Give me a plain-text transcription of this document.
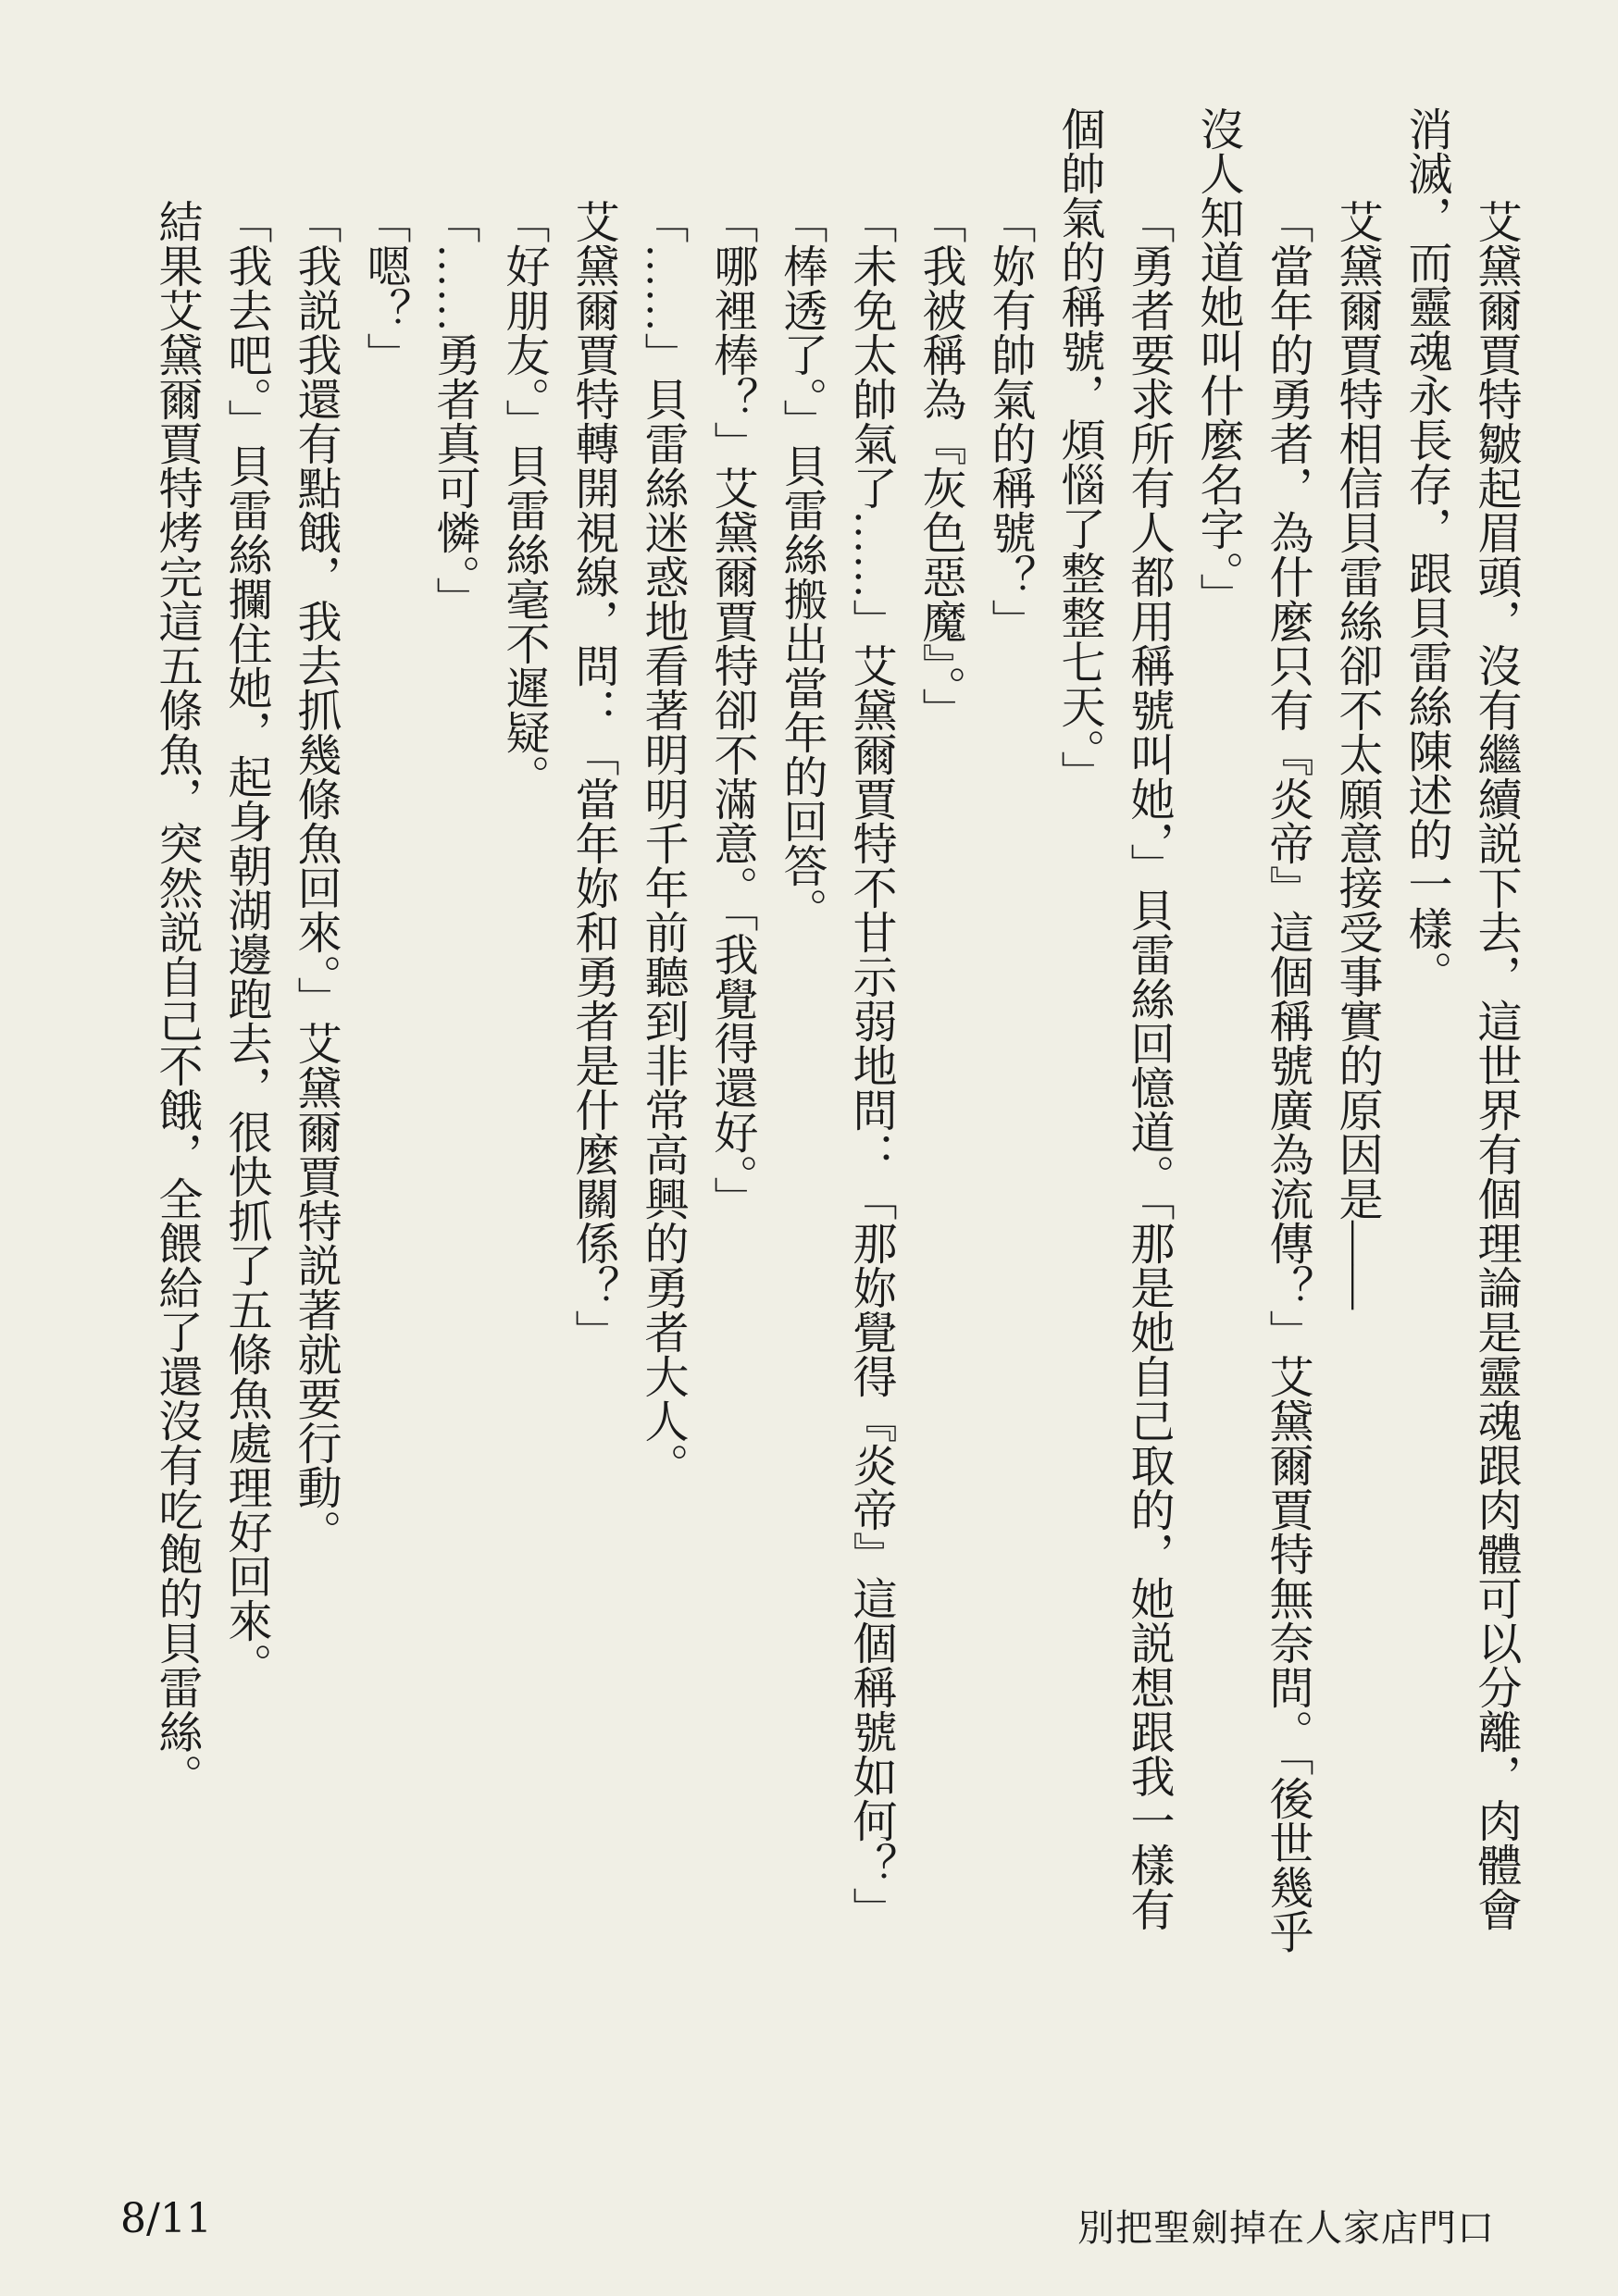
艾黛爾賈特皺起眉頭，沒有繼續説下去，這世界有個理論是靈魂跟肉體可以分離，肉體會
消滅，而靈魂永長存，跟貝雷絲陳述的一樣。
艾黛爾賈特相信貝雷絲卻不太願意接受事實的原因是——
「當年的勇者，為什麼只有『炎帝』這個稱號廣為流傳？」艾黛爾賈特無奈問。「後世幾乎
沒人知道她叫什麼名字。」
「勇者要求所有人都用稱號叫她，」貝雷絲回憶道。「那是她自己取的，她説想跟我一樣有
個帥氣的稱號，煩惱了整整七天。」
「妳有帥氣的稱號？」
「我被稱為『灰色惡魔』。」
「未免太帥氣了……」艾黛爾賈特不甘示弱地問：「那妳覺得『炎帝』這個稱號如何？」
「棒透了。」貝雷絲搬出當年的回答。
「哪裡棒？」艾黛爾賈特卻不滿意。「我覺得還好。」
「……」貝雷絲迷惑地看著明明千年前聽到非常高興的勇者大人。
艾黛爾賈特轉開視線，問：「當年妳和勇者是什麼關係？」
「好朋友。」貝雷絲毫不遲疑。
「……勇者真可憐。」
「嗯？」
「我説我還有點餓，我去抓幾條魚回來。」艾黛爾賈特説著就要行動。
「我去吧。」貝雷絲攔住她，起身朝湖邊跑去，很快抓了五條魚處理好回來。
結果艾黛爾賈特烤完這五條魚，突然説自己不餓，全餵給了還沒有吃飽的貝雷絲。
8/11	別把聖劍掉在人家店門口
